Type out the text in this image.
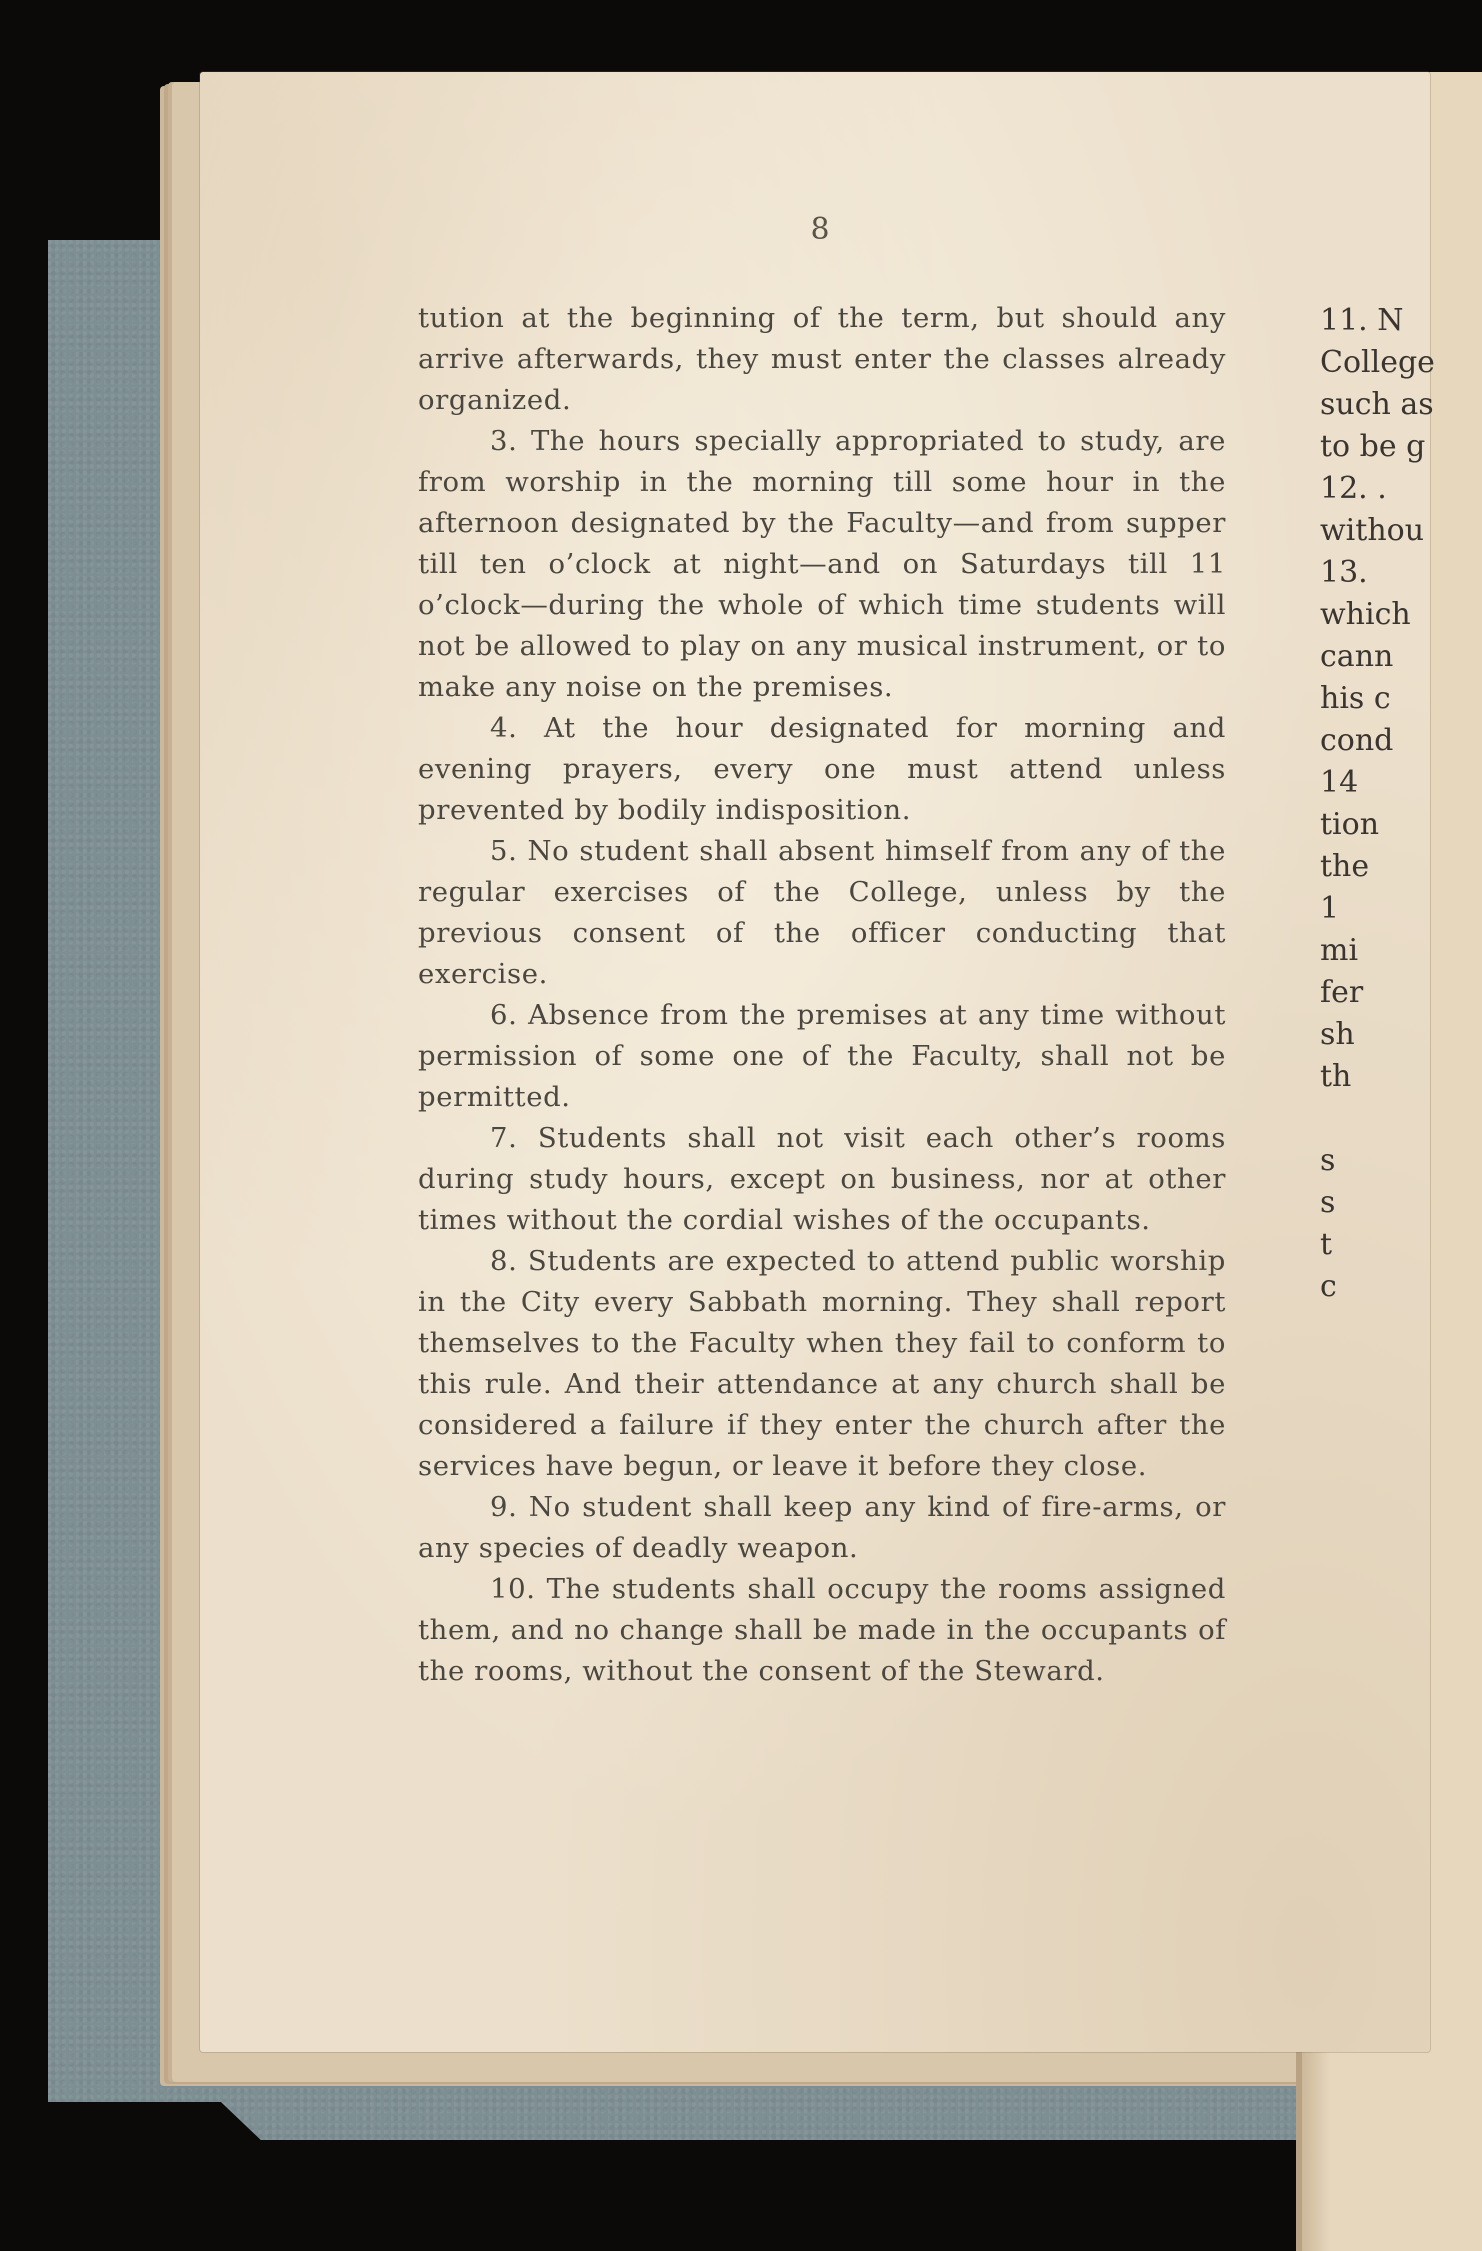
8

tution at the beginning of the term, but should any arrive afterwards, they must enter the classes already organized.

3. The hours specially appropriated to study, are from worship in the morning till some hour in the afternoon designated by the Faculty—and from supper till ten o’clock at night—and on Saturdays till 11 o’clock—during the whole of which time students will not be allowed to play on any musical instrument, or to make any noise on the premises.

4. At the hour designated for morning and evening prayers, every one must attend unless prevented by bodily indisposition.

5. No student shall absent himself from any of the regular exercises of the College, unless by the previous consent of the officer conducting that exercise.

6. Absence from the premises at any time without permission of some one of the Faculty, shall not be permitted.

7. Students shall not visit each other’s rooms during study hours, except on business, nor at other times without the cordial wishes of the occupants.

8. Students are expected to attend public worship in the City every Sabbath morning. They shall report themselves to the Faculty when they fail to conform to this rule. And their attendance at any church shall be considered a failure if they enter the church after the services have begun, or leave it before they close.

9. No student shall keep any kind of fire-arms, or any species of deadly weapon.

10. The students shall occupy the rooms assigned them, and no change shall be made in the occupants of the rooms, without the consent of the Steward.

11. N
College
such as
to be g
12. .
withou
13.
which
cann
his c
cond
14
tion
the
1
mi
fer
sh
th
s
s
t
c
